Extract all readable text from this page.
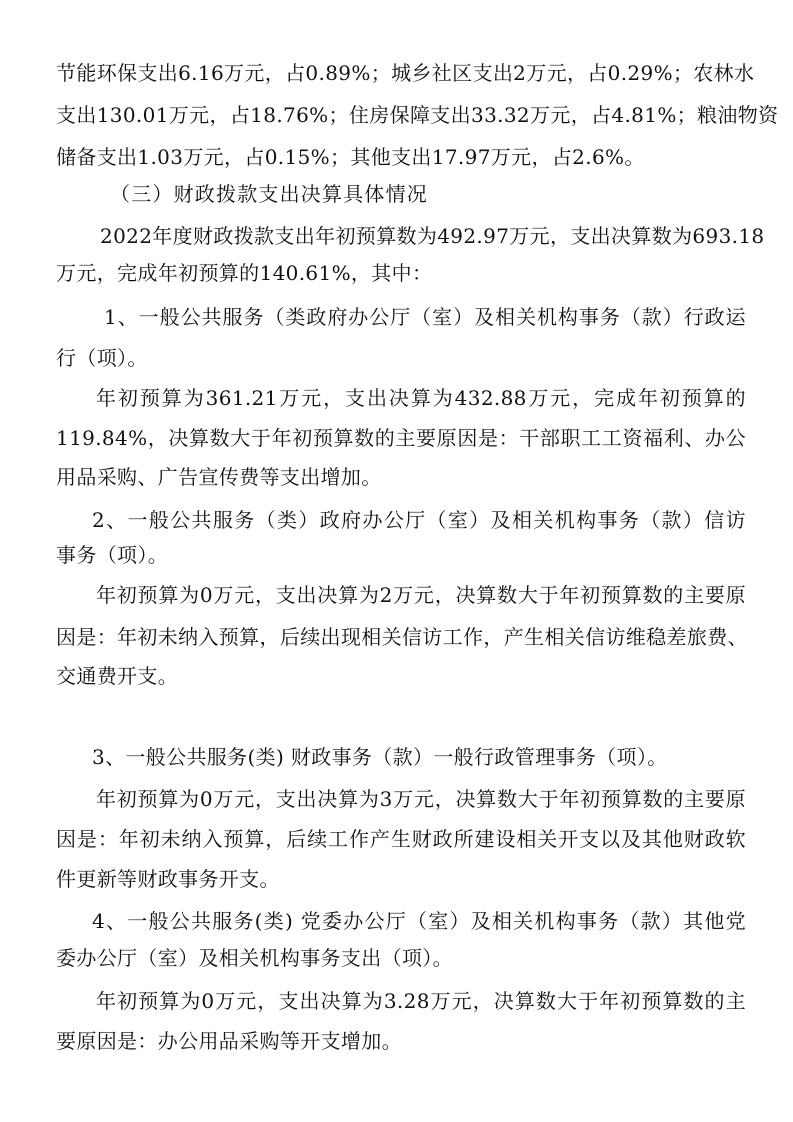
节能环保支出6.16万元，占0.89%；城乡社区支出2万元，占0.29%；农林水
支出130.01万元，占18.76%；住房保障支出33.32万元，占4.81%；粮油物资
储备支出1.03万元，占0.15%；其他支出17.97万元，占2.6%。
（三）财政拨款支出决算具体情况
2022年度财政拨款支出年初预算数为492.97万元，支出决算数为693.18
万元，完成年初预算的140.61%，其中：
1、一般公共服务（类政府办公厅（室）及相关机构事务（款）行政运
行（项）。
年初预算为361.21万元，支出决算为432.88万元，完成年初预算的
119.84%，决算数大于年初预算数的主要原因是：干部职工工资福利、办公
用品采购、广告宣传费等支出增加。
2、一般公共服务（类）政府办公厅（室）及相关机构事务（款）信访
事务（项）。
年初预算为0万元，支出决算为2万元，决算数大于年初预算数的主要原
因是：年初未纳入预算，后续出现相关信访工作，产生相关信访维稳差旅费、
交通费开支。
3、一般公共服务(类) 财政事务（款）一般行政管理事务（项）。
年初预算为0万元，支出决算为3万元，决算数大于年初预算数的主要原
因是：年初未纳入预算，后续工作产生财政所建设相关开支以及其他财政软
件更新等财政事务开支。
4、一般公共服务(类) 党委办公厅（室）及相关机构事务（款）其他党
委办公厅（室）及相关机构事务支出（项）。
年初预算为0万元，支出决算为3.28万元，决算数大于年初预算数的主
要原因是：办公用品采购等开支增加。
